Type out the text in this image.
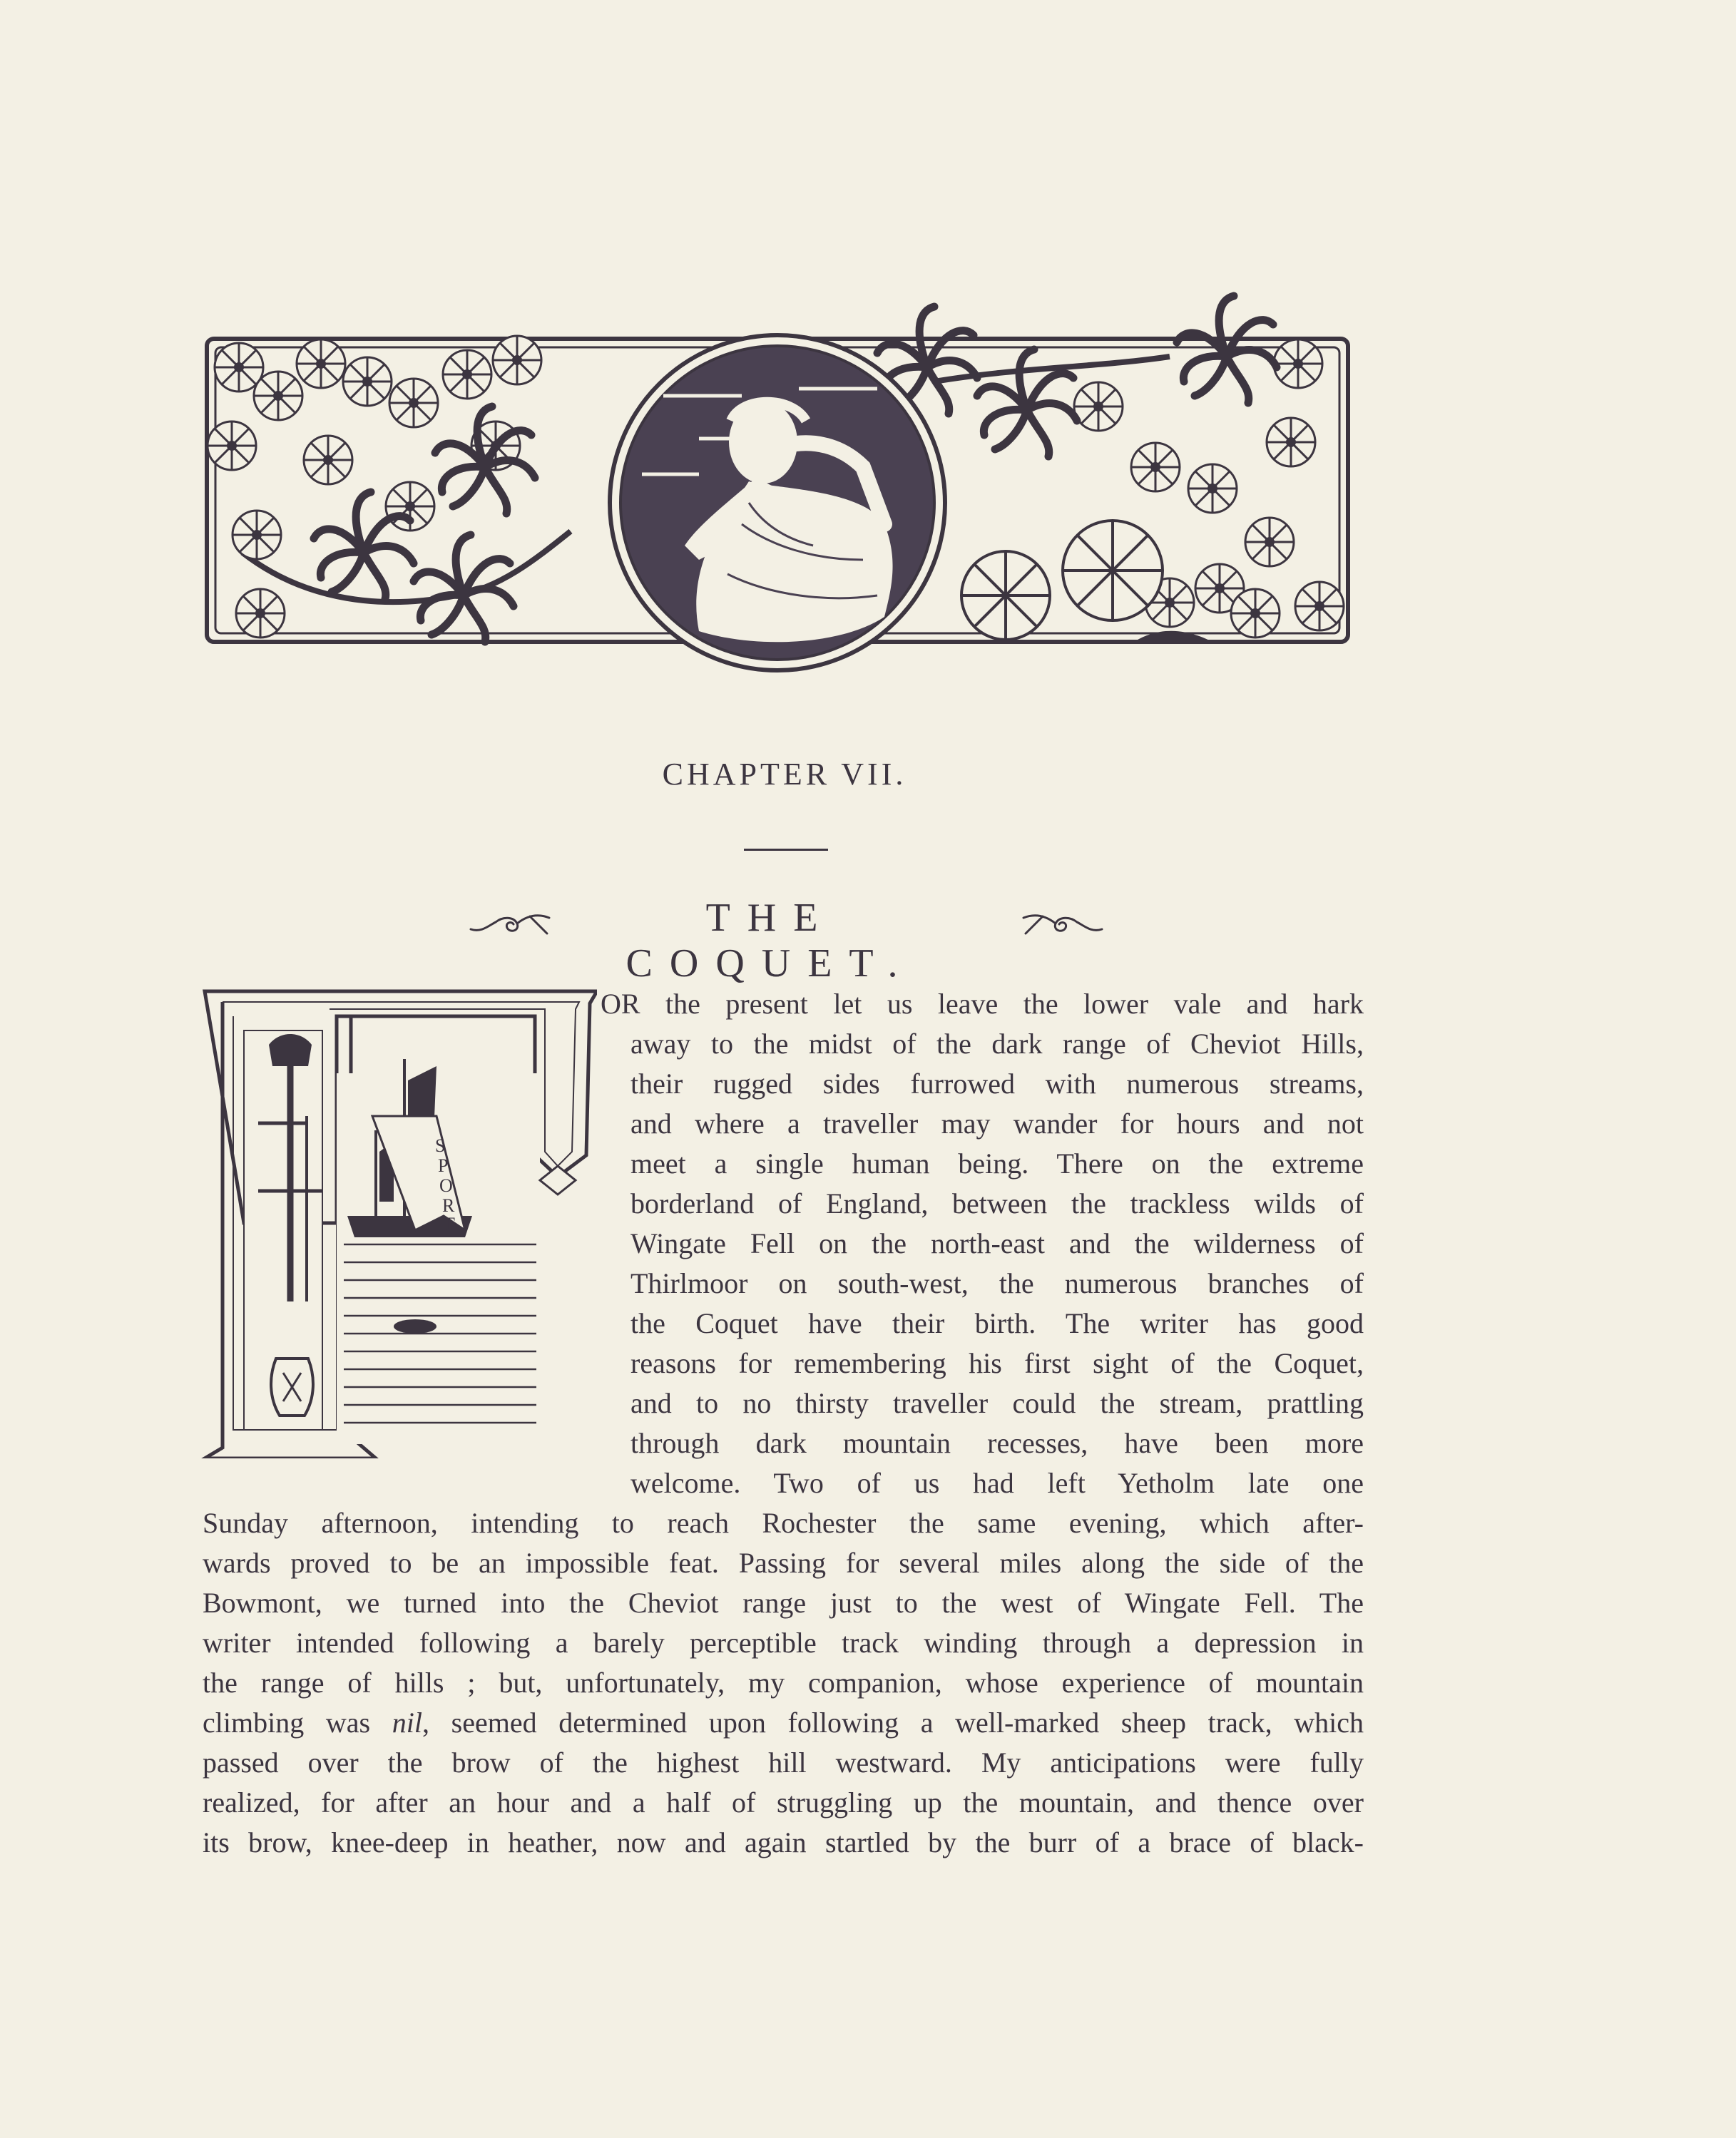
CHAPTER VII.
THE COQUET.
S
P
O
R
T
OR the present let us leave the lower vale and hark
away to the midst of the dark range of Cheviot Hills,
their rugged sides furrowed with numerous streams,
and where a traveller may wander for hours and not
meet a single human being. There on the extreme
borderland of England, between the trackless wilds of
Wingate Fell on the north-east and the wilderness of
Thirlmoor on south-west, the numerous branches of
the Coquet have their birth. The writer has good
reasons for remembering his first sight of the Coquet,
and to no thirsty traveller could the stream, prattling
through dark mountain recesses, have been more
welcome. Two of us had left Yetholm late one
Sunday afternoon, intending to reach Rochester the same evening, which after-
wards proved to be an impossible feat. Passing for several miles along the side of the
Bowmont, we turned into the Cheviot range just to the west of Wingate Fell. The
writer intended following a barely perceptible track winding through a depression in
the range of hills ; but, unfortunately, my companion, whose experience of mountain
climbing was nil, seemed determined upon following a well-marked sheep track, which
passed over the brow of the highest hill westward. My anticipations were fully
realized, for after an hour and a half of struggling up the mountain, and thence over
its brow, knee-deep in heather, now and again startled by the burr of a brace of black-
